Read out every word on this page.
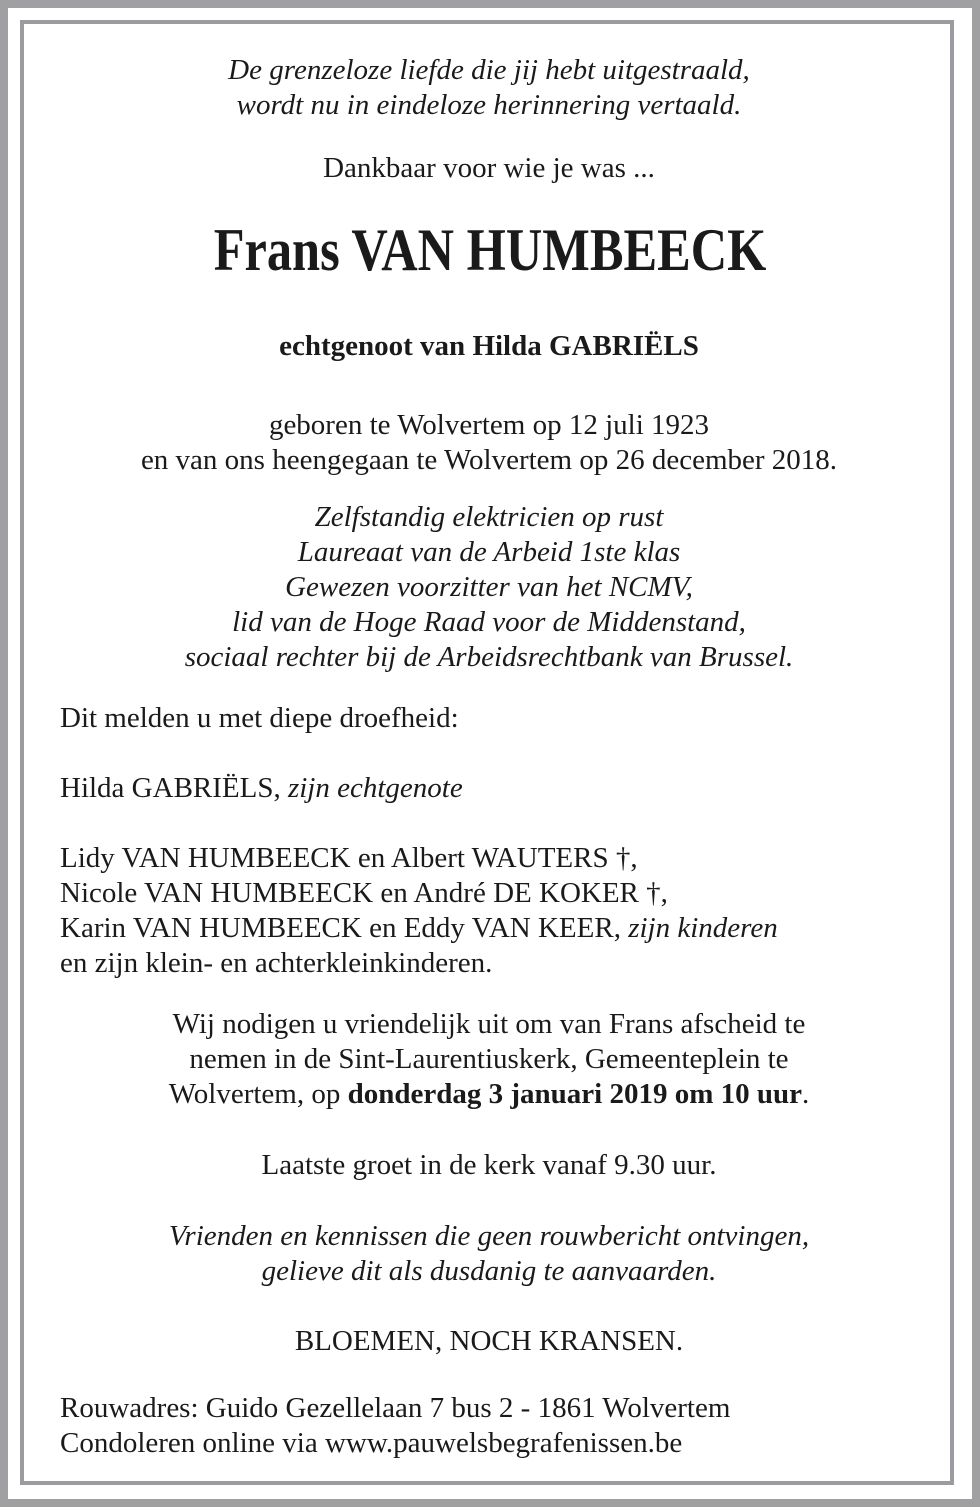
De grenzeloze liefde die jij hebt uitgestraald,
wordt nu in eindeloze herinnering vertaald.
Dankbaar voor wie je was ...
Frans VAN HUMBEECK
echtgenoot van Hilda GABRIËLS
geboren te Wolvertem op 12 juli 1923
en van ons heengegaan te Wolvertem op 26 december 2018.
Zelfstandig elektricien op rust
Laureaat van de Arbeid 1ste klas
Gewezen voorzitter van het NCMV,
lid van de Hoge Raad voor de Middenstand,
sociaal rechter bij de Arbeidsrechtbank van Brussel.
Dit melden u met diepe droefheid:
Hilda GABRIËLS, zijn echtgenote
Lidy VAN HUMBEECK en Albert WAUTERS †,
Nicole VAN HUMBEECK en André DE KOKER †,
Karin VAN HUMBEECK en Eddy VAN KEER, zijn kinderen
en zijn klein- en achterkleinkinderen.
Wij nodigen u vriendelijk uit om van Frans afscheid te
nemen in de Sint-Laurentiuskerk, Gemeenteplein te
Wolvertem, op donderdag 3 januari 2019 om 10 uur.
Laatste groet in de kerk vanaf 9.30 uur.
Vrienden en kennissen die geen rouwbericht ontvingen,
gelieve dit als dusdanig te aanvaarden.
BLOEMEN, NOCH KRANSEN.
Rouwadres: Guido Gezellelaan 7 bus 2 - 1861 Wolvertem
Condoleren online via www.pauwelsbegrafenissen.be
